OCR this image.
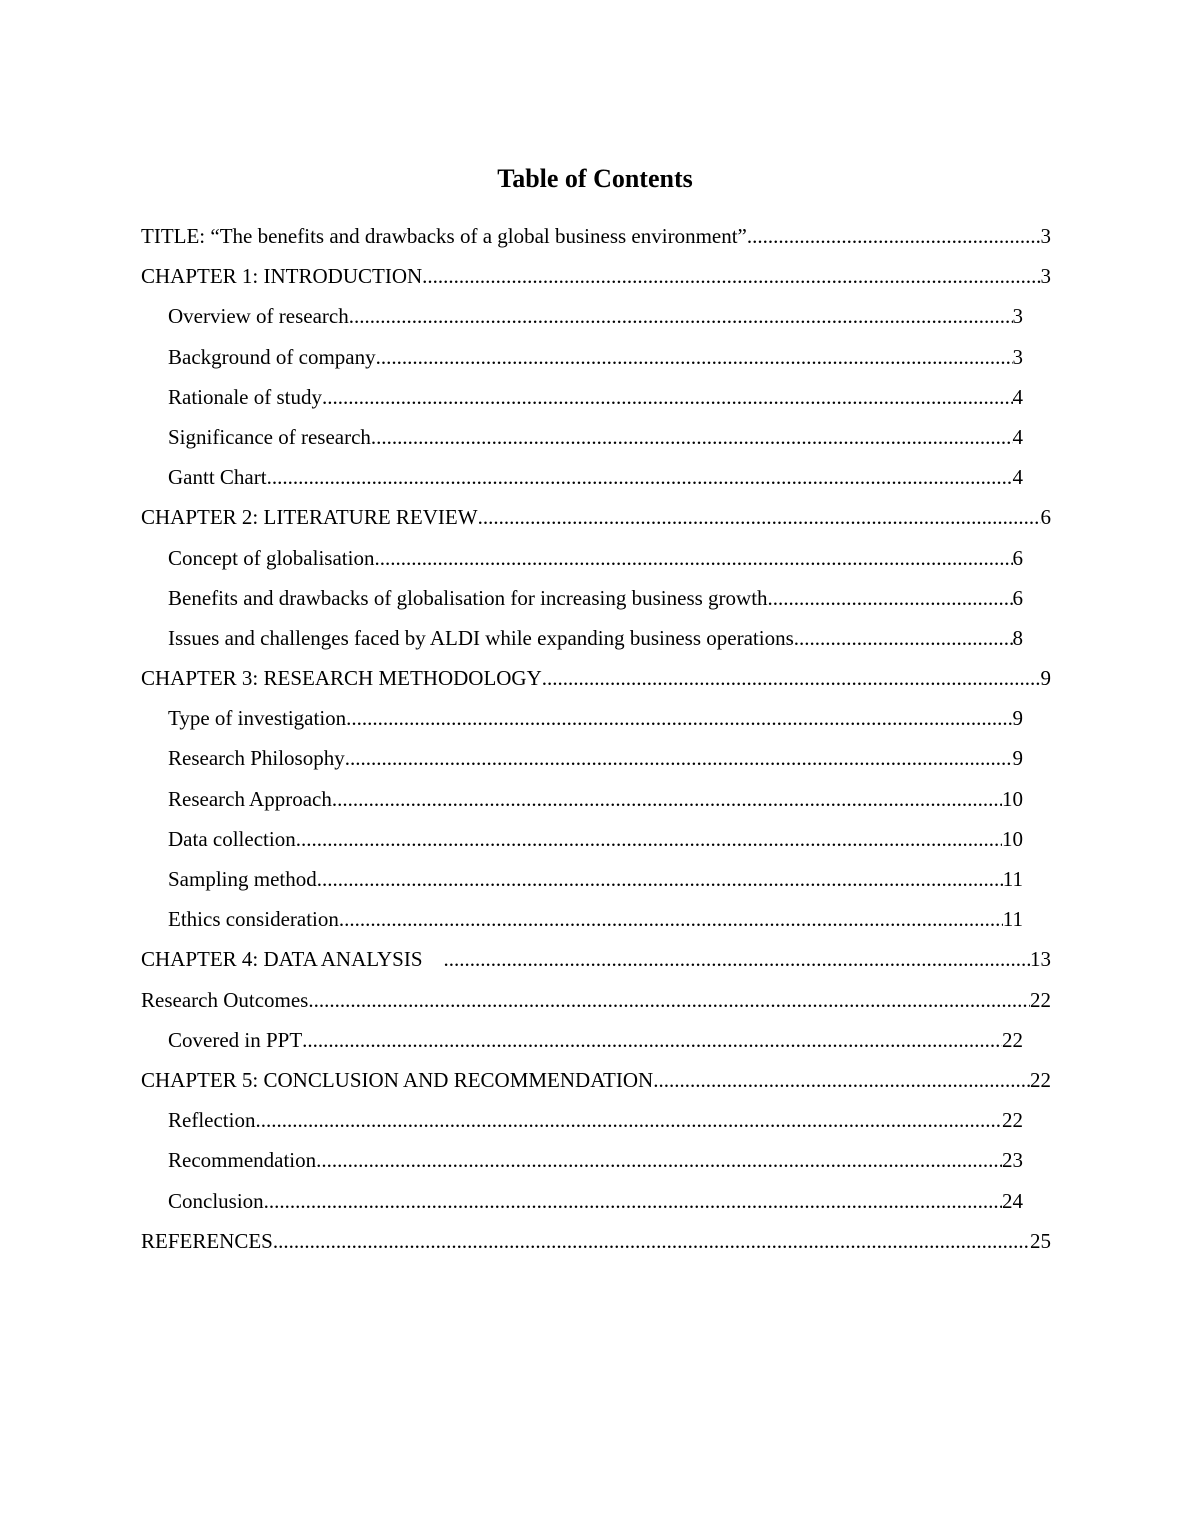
Table of Contents
TITLE: “The benefits and drawbacks of a global business environment” .....	3
CHAPTER 1: INTRODUCTION .....	3
Overview of research .....	3
Background of company .....	3
Rationale of study .....	4
Significance of research .....	4
Gantt Chart .....	4
CHAPTER 2: LITERATURE REVIEW .....	6
Concept of globalisation .....	6
Benefits and drawbacks of globalisation for increasing business growth .....	6
Issues and challenges faced by ALDI while expanding business operations .....	8
CHAPTER 3: RESEARCH METHODOLOGY .....	9
Type of investigation .....	9
Research Philosophy .....	9
Research Approach .....	10
Data collection .....	10
Sampling method .....	11
Ethics consideration .....	11
CHAPTER 4: DATA ANALYSIS .....	13
Research Outcomes .....	22
Covered in PPT .....	22
CHAPTER 5: CONCLUSION AND RECOMMENDATION .....	22
Reflection .....	22
Recommendation .....	23
Conclusion .....	24
REFERENCES .....	25
